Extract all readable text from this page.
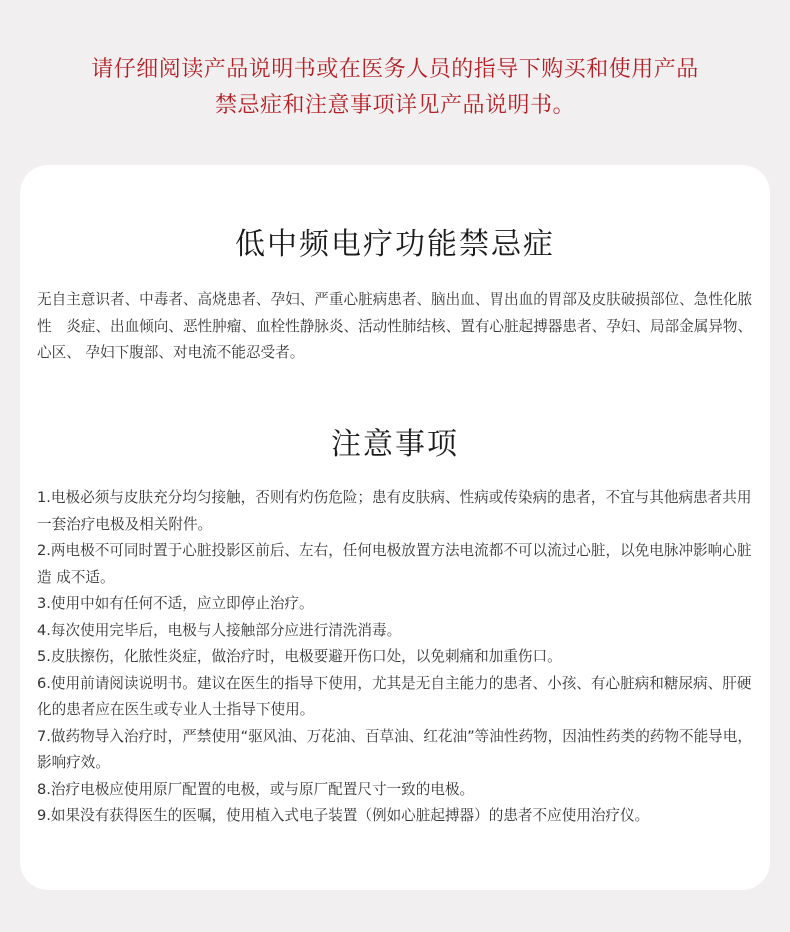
请仔细阅读产品说明书或在医务人员的指导下购买和使用产品

禁忌症和注意事项详见产品说明书。

低中频电疗功能禁忌症

无自主意识者、中毒者、高烧患者、孕妇、严重心脏病患者、脑出血、胃出血的胃部及皮肤破损部位、急性化脓性　炎症、出血倾向、恶性肿瘤、血栓性静脉炎、活动性肺结核、置有心脏起搏器患者、孕妇、局部金属异物、心区、 孕妇下腹部、对电流不能忍受者。

注意事项
1.电极必须与皮肤充分均匀接触，否则有灼伤危险；患有皮肤病、性病或传染病的患者，不宜与其他病患者共用一套治疗电极及相关附件。
2.两电极不可同时置于心脏投影区前后、左右，任何电极放置方法电流都不可以流过心脏，以免电脉冲影响心脏造 成不适。
3.使用中如有任何不适，应立即停止治疗。
4.每次使用完毕后，电极与人接触部分应进行清洗消毒。
5.皮肤擦伤，化脓性炎症，做治疗时，电极要避开伤口处，以免刺痛和加重伤口。
6.使用前请阅读说明书。建议在医生的指导下使用，尤其是无自主能力的患者、小孩、有心脏病和糖尿病、肝硬化的患者应在医生或专业人士指导下使用。
7.做药物导入治疗时，严禁使用“驱风油、万花油、百草油、红花油”等油性药物，因油性药类的药物不能导电，影响疗效。
8.治疗电极应使用原厂配置的电极，或与原厂配置尺寸一致的电极。
9.如果没有获得医生的医嘱，使用植入式电子装置（例如心脏起搏器）的患者不应使用治疗仪。
